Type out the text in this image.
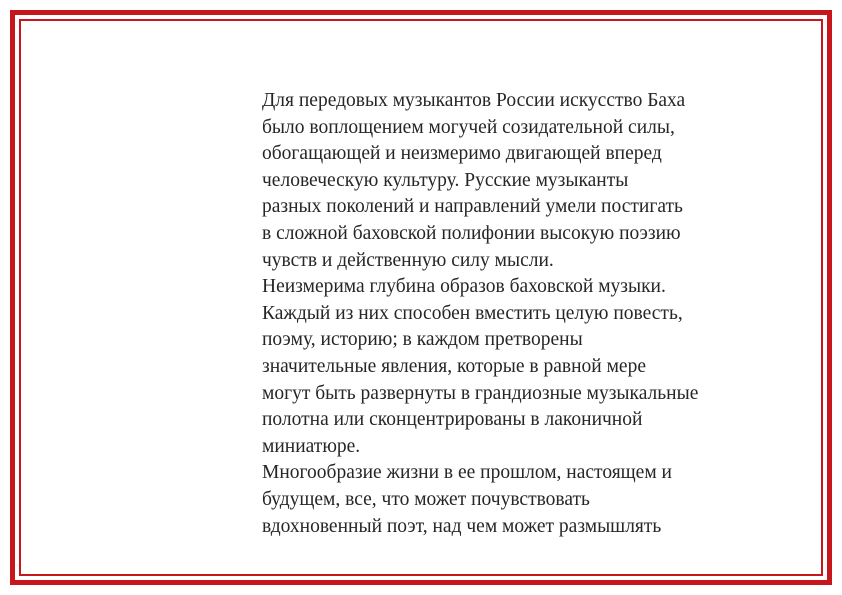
Для передовых музыкантов России искусство Баха
было воплощением могучей созидательной силы,
обогащающей и неизмеримо двигающей вперед
человеческую культуру. Русские музыканты
разных поколений и направлений умели постигать
в сложной баховской полифонии высокую поэзию
чувств и действенную силу мысли.
Неизмерима глубина образов баховской музыки.
Каждый из них способен вместить целую повесть,
поэму, историю; в каждом претворены
значительные явления, которые в равной мере
могут быть развернуты в грандиозные музыкальные
полотна или сконцентрированы в лаконичной
миниатюре.
Многообразие жизни в ее прошлом, настоящем и
будущем, все, что может почувствовать
вдохновенный поэт, над чем может размышлять
